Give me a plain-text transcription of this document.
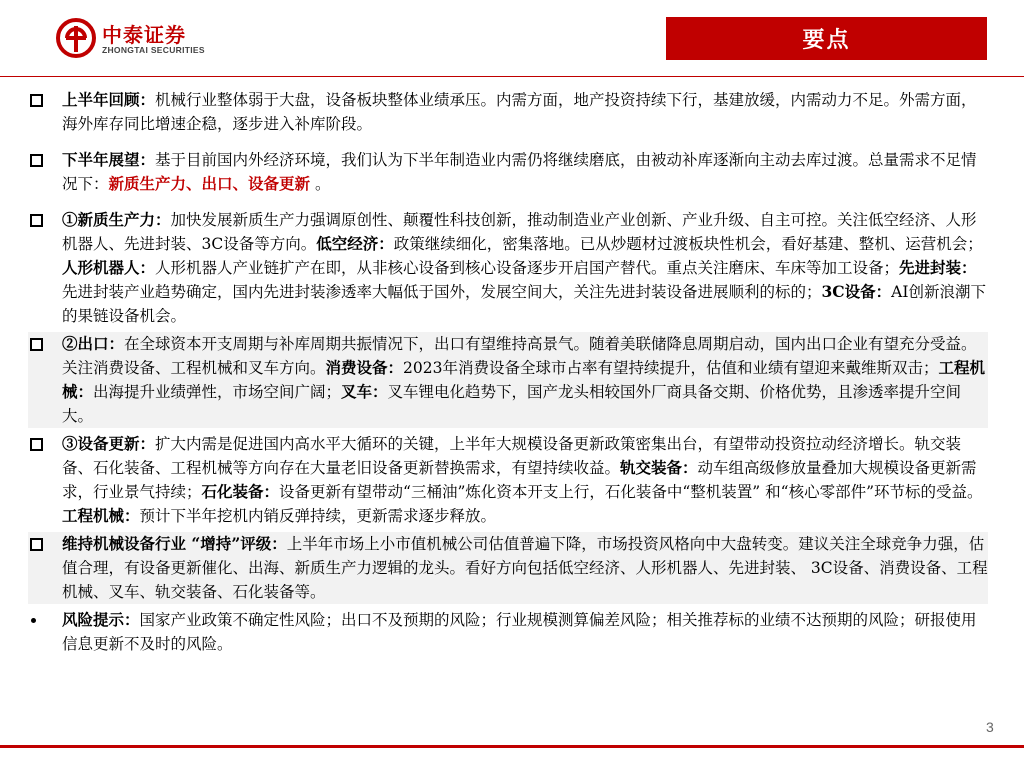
中泰证券
ZHONGTAI SECURITIES	要点
上半年回顾：机械行业整体弱于大盘，设备板块整体业绩承压。内需方面，地产投资持续下行，基建放缓，内需动力不足。外需方面，海外库存同比增速企稳，逐步进入补库阶段。
下半年展望：基于目前国内外经济环境，我们认为下半年制造业内需仍将继续磨底，由被动补库逐渐向主动去库过渡。总量需求不足情况下：新质生产力、出口、设备更新 。
①新质生产力：加快发展新质生产力强调原创性、颠覆性科技创新，推动制造业产业创新、产业升级、自主可控。关注低空经济、人形机器人、先进封装、3C设备等方向。低空经济：政策继续细化，密集落地。已从炒题材过渡板块性机会，看好基建、整机、运营机会；人形机器人：人形机器人产业链扩产在即，从非核心设备到核心设备逐步开启国产替代。重点关注磨床、车床等加工设备；先进封装：先进封装产业趋势确定，国内先进封装渗透率大幅低于国外，发展空间大，关注先进封装设备进展顺利的标的；3C设备：AI创新浪潮下的果链设备机会。
②出口：在全球资本开支周期与补库周期共振情况下，出口有望维持高景气。随着美联储降息周期启动，国内出口企业有望充分受益。关注消费设备、工程机械和叉车方向。消费设备：2023年消费设备全球市占率有望持续提升，估值和业绩有望迎来戴维斯双击；工程机械：出海提升业绩弹性，市场空间广阔；叉车：叉车锂电化趋势下，国产龙头相较国外厂商具备交期、价格优势，且渗透率提升空间大。
③设备更新：扩大内需是促进国内高水平大循环的关键，上半年大规模设备更新政策密集出台，有望带动投资拉动经济增长。轨交装备、石化装备、工程机械等方向存在大量老旧设备更新替换需求，有望持续收益。轨交装备：动车组高级修放量叠加大规模设备更新需求，行业景气持续；石化装备：设备更新有望带动“三桶油”炼化资本开支上行，石化装备中“整机装置” 和“核心零部件”环节标的受益。工程机械：预计下半年挖机内销反弹持续，更新需求逐步释放。
维持机械设备行业 “增持”评级：上半年市场上小市值机械公司估值普遍下降，市场投资风格向中大盘转变。建议关注全球竞争力强，估值合理，有设备更新催化、出海、新质生产力逻辑的龙头。看好方向包括低空经济、人形机器人、先进封装、 3C设备、消费设备、工程机械、叉车、轨交装备、石化装备等。
风险提示：国家产业政策不确定性风险；出口不及预期的风险；行业规模测算偏差风险；相关推荐标的业绩不达预期的风险；研报使用信息更新不及时的风险。
3
